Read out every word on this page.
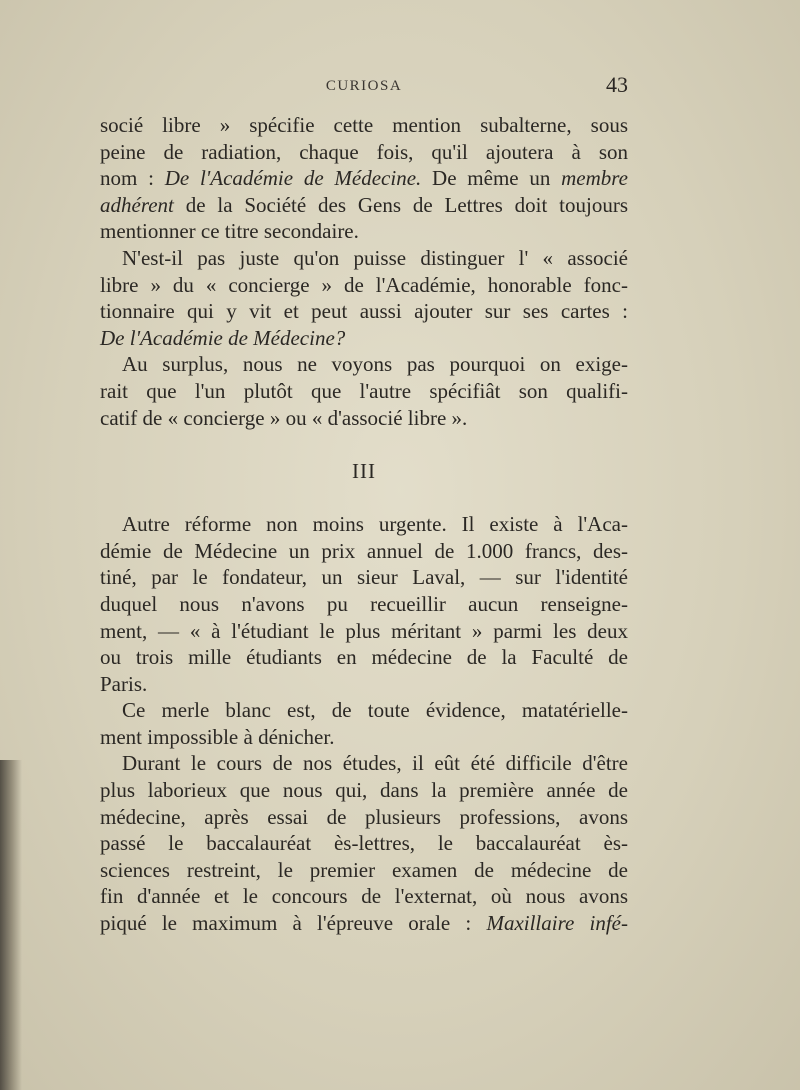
CURIOSA	43

socié libre » spécifie cette mention subalterne, sous
peine de radiation, chaque fois, qu'il ajoutera à son
nom : De l'Académie de Médecine. De même un membre
adhérent de la Société des Gens de Lettres doit toujours
mentionner ce titre secondaire.

N'est-il pas juste qu'on puisse distinguer l' « associé
libre » du « concierge » de l'Académie, honorable fonc-
tionnaire qui y vit et peut aussi ajouter sur ses cartes :
De l'Académie de Médecine?

Au surplus, nous ne voyons pas pourquoi on exige-
rait que l'un plutôt que l'autre spécifiât son qualifi-
catif de « concierge » ou « d'associé libre ».

III

Autre réforme non moins urgente. Il existe à l'Aca-
démie de Médecine un prix annuel de 1.000 francs, des-
tiné, par le fondateur, un sieur Laval, — sur l'identité
duquel nous n'avons pu recueillir aucun renseigne-
ment, — « à l'étudiant le plus méritant » parmi les deux
ou trois mille étudiants en médecine de la Faculté de
Paris.

Ce merle blanc est, de toute évidence, matatérielle-
ment impossible à dénicher.

Durant le cours de nos études, il eût été difficile d'être
plus laborieux que nous qui, dans la première année de
médecine, après essai de plusieurs professions, avons
passé le baccalauréat ès-lettres, le baccalauréat ès-
sciences restreint, le premier examen de médecine de
fin d'année et le concours de l'externat, où nous avons
piqué le maximum à l'épreuve orale : Maxillaire infé-
